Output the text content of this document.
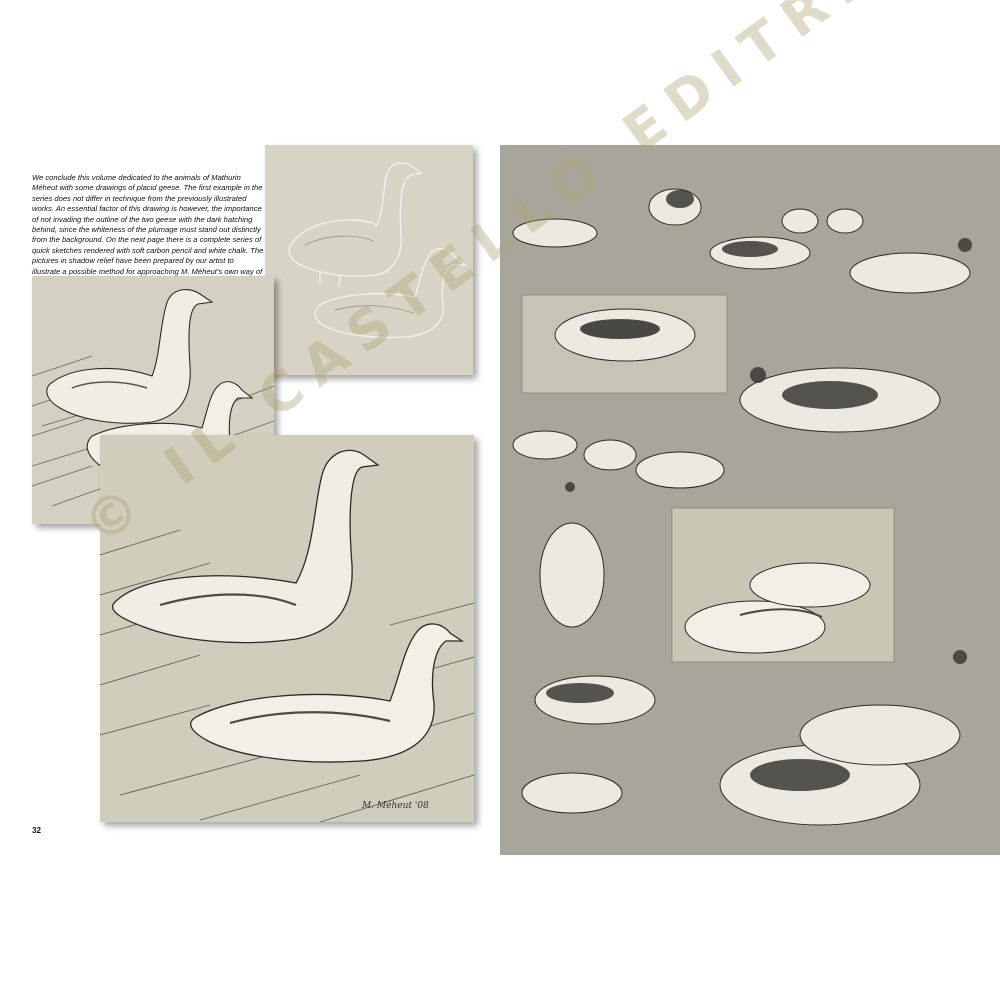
We conclude this volume dedicated to the animals of Mathurin Méheut with some drawings of placid geese. The first example in the series does not differ in technique from the previously illustrated works. An essential factor of this drawing is however, the importance of not invading the outline of the two geese with the dark hatching behind, since the whiteness of the plumage must stand out distinctly from the background. On the next page there is a complete series of quick sketches rendered with soft carbon pencil and white chalk. The pictures in shadow relief have been prepared by our artist to illustrate a possible method for approaching M. Méheut's own way of
M. Méheut '08
32
© IL CASTELLO EDITRICE
